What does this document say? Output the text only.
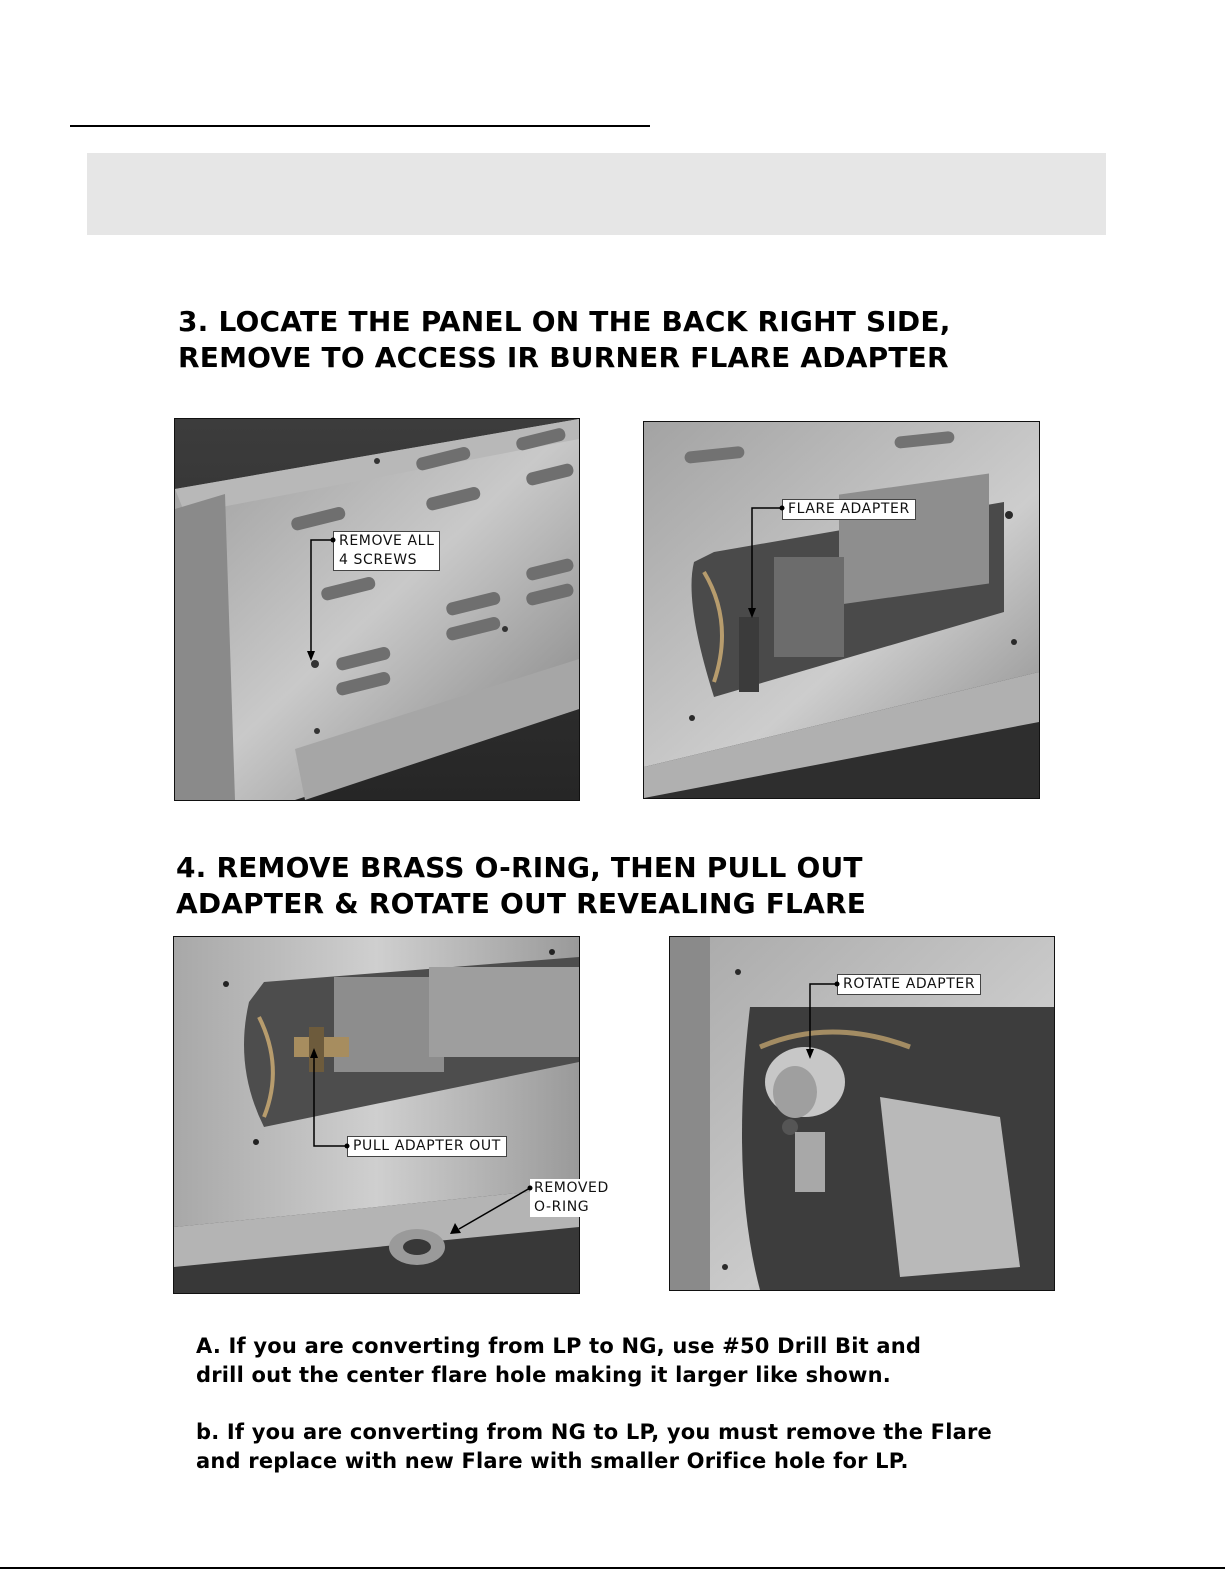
3. LOCATE THE PANEL ON THE BACK RIGHT SIDE,
REMOVE TO ACCESS IR BURNER FLARE ADAPTER
REMOVE ALL
4 SCREWS
FLARE ADAPTER
4. REMOVE BRASS O-RING, THEN PULL OUT
ADAPTER & ROTATE OUT REVEALING FLARE
PULL ADAPTER OUT
REMOVED
O-RING
ROTATE ADAPTER

A. If you are converting from LP to NG, use #50 Drill Bit and
drill out the center flare hole making it larger like shown.

b. If you are converting from NG to LP, you must remove the Flare
and replace with new Flare with smaller Orifice hole for LP.
